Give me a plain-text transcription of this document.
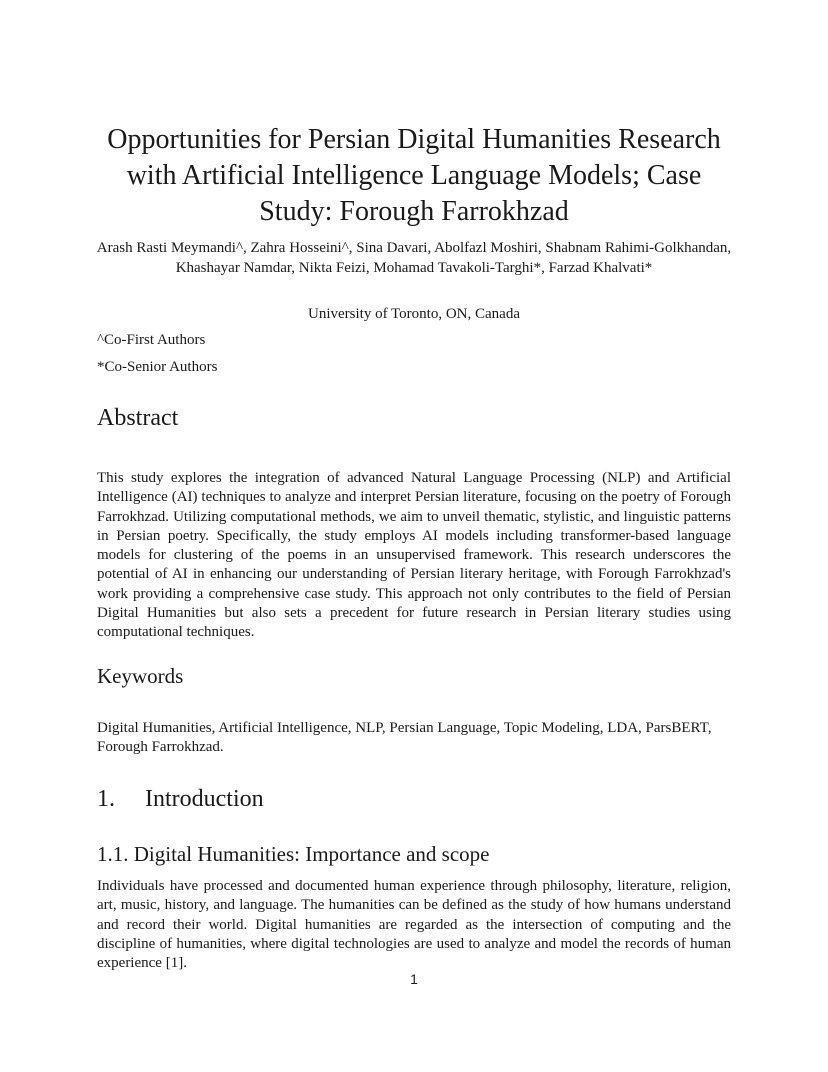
Opportunities for Persian Digital Humanities Research with Artificial Intelligence Language Models; Case Study: Forough Farrokhzad

Arash Rasti Meymandi^, Zahra Hosseini^, Sina Davari, Abolfazl Moshiri, Shabnam Rahimi-Golkhandan, Khashayar Namdar, Nikta Feizi, Mohamad Tavakoli-Targhi*, Farzad Khalvati*

University of Toronto, ON, Canada

^Co-First Authors

*Co-Senior Authors

Abstract

This study explores the integration of advanced Natural Language Processing (NLP) and Artificial Intelligence (AI) techniques to analyze and interpret Persian literature, focusing on the poetry of Forough Farrokhzad. Utilizing computational methods, we aim to unveil thematic, stylistic, and linguistic patterns in Persian poetry. Specifically, the study employs AI models including transformer-based language models for clustering of the poems in an unsupervised framework. This research underscores the potential of AI in enhancing our understanding of Persian literary heritage, with Forough Farrokhzad's work providing a comprehensive case study. This approach not only contributes to the field of Persian Digital Humanities but also sets a precedent for future research in Persian literary studies using computational techniques.

Keywords

Digital Humanities, Artificial Intelligence, NLP, Persian Language, Topic Modeling, LDA, ParsBERT, Forough Farrokhzad.

1. Introduction
1.1. Digital Humanities: Importance and scope

Individuals have processed and documented human experience through philosophy, literature, religion, art, music, history, and language. The humanities can be defined as the study of how humans understand and record their world. Digital humanities are regarded as the intersection of computing and the discipline of humanities, where digital technologies are used to analyze and model the records of human experience [1].

1
